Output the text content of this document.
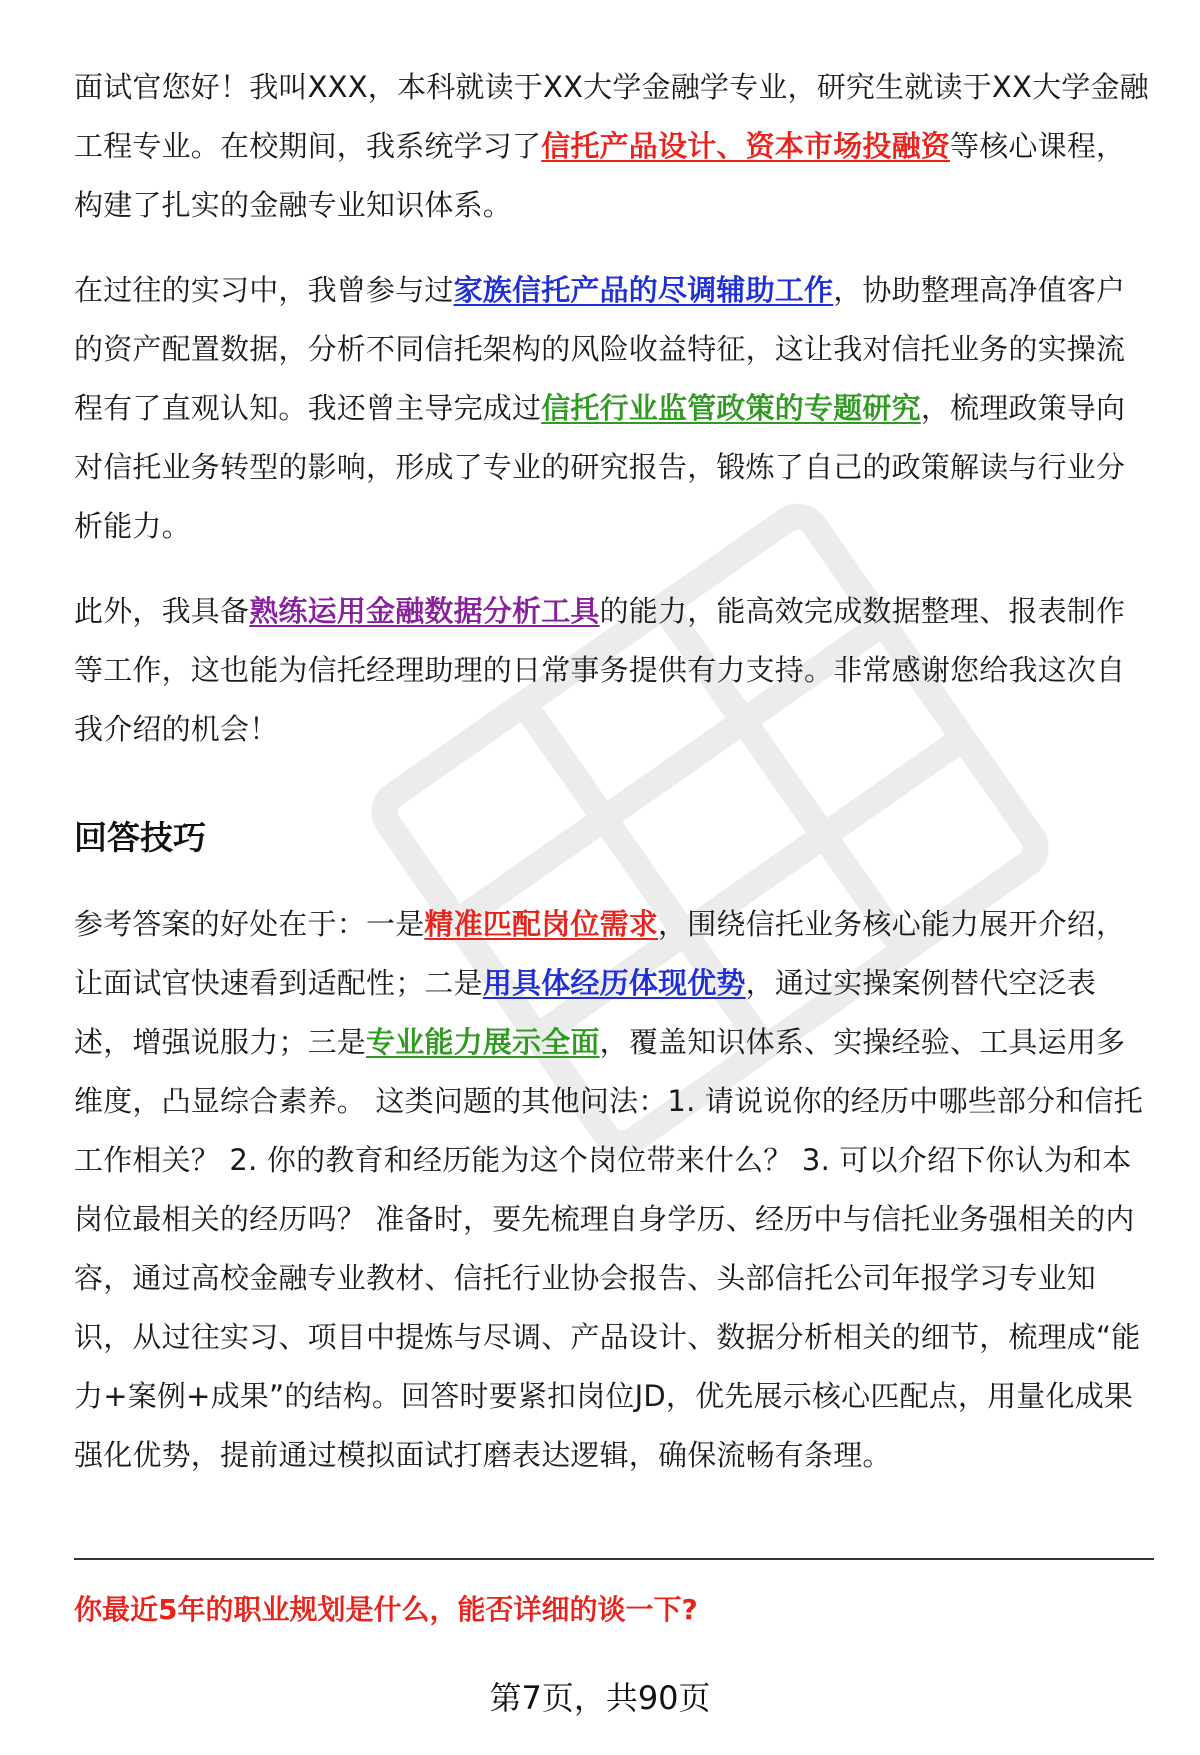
职聚密码出品

面试官您好！我叫XXX，本科就读于XX大学金融学专业，研究生就读于XX大学金融工程专业。在校期间，我系统学习了信托产品设计、资本市场投融资等核心课程，构建了扎实的金融专业知识体系。

在过往的实习中，我曾参与过家族信托产品的尽调辅助工作，协助整理高净值客户的资产配置数据，分析不同信托架构的风险收益特征，这让我对信托业务的实操流程有了直观认知。我还曾主导完成过信托行业监管政策的专题研究，梳理政策导向对信托业务转型的影响，形成了专业的研究报告，锻炼了自己的政策解读与行业分析能力。

此外，我具备熟练运用金融数据分析工具的能力，能高效完成数据整理、报表制作等工作，这也能为信托经理助理的日常事务提供有力支持。非常感谢您给我这次自我介绍的机会！

回答技巧

参考答案的好处在于：一是精准匹配岗位需求，围绕信托业务核心能力展开介绍，让面试官快速看到适配性；二是用具体经历体现优势，通过实操案例替代空泛表述，增强说服力；三是专业能力展示全面，覆盖知识体系、实操经验、工具运用多维度，凸显综合素养。 这类问题的其他问法：1. 请说说你的经历中哪些部分和信托工作相关？ 2. 你的教育和经历能为这个岗位带来什么？ 3. 可以介绍下你认为和本岗位最相关的经历吗？ 准备时，要先梳理自身学历、经历中与信托业务强相关的内容，通过高校金融专业教材、信托行业协会报告、头部信托公司年报学习专业知识，从过往实习、项目中提炼与尽调、产品设计、数据分析相关的细节，梳理成“能力+案例+成果”的结构。回答时要紧扣岗位JD，优先展示核心匹配点，用量化成果强化优势，提前通过模拟面试打磨表达逻辑，确保流畅有条理。

你最近5年的职业规划是什么，能否详细的谈一下?
第7页，共90页
